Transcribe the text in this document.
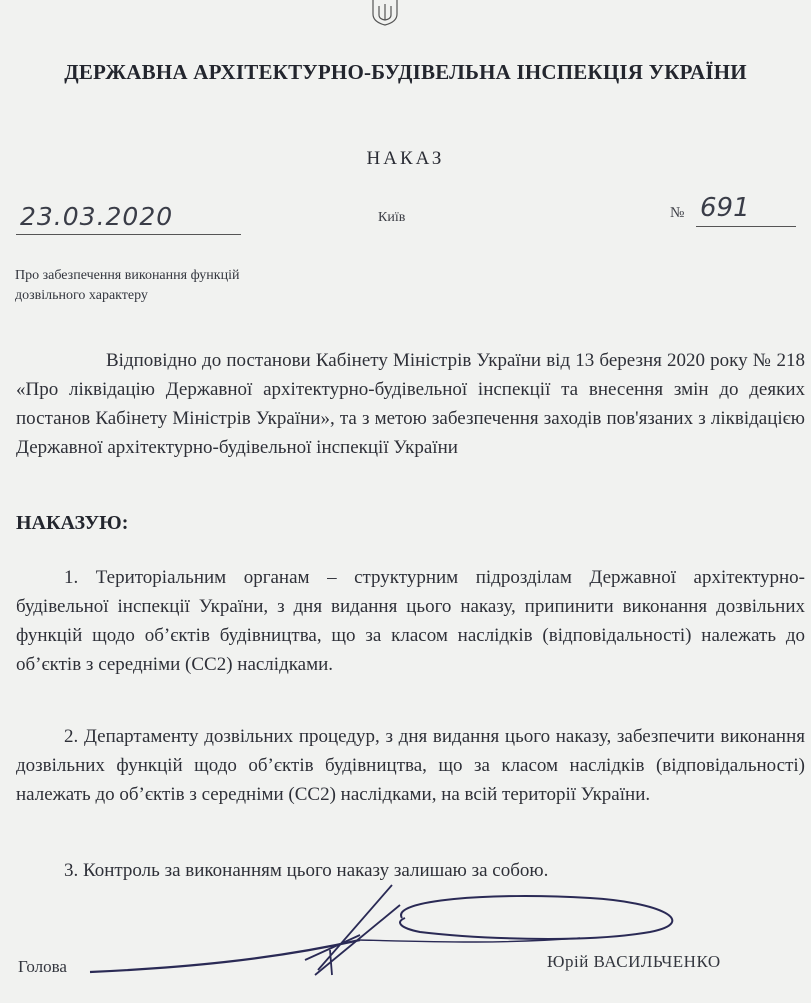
ДЕРЖАВНА АРХІТЕКТУРНО-БУДІВЕЛЬНА ІНСПЕКЦІЯ УКРАЇНИ
НАКАЗ
23.03.2020	Київ	№ 691
Про забезпечення виконання функцій дозвільного характеру
Відповідно до постанови Кабінету Міністрів України від 13 березня 2020 року № 218 «Про ліквідацію Державної архітектурно-будівельної інспекції та внесення змін до деяких постанов Кабінету Міністрів України», та з метою забезпечення заходів пов'язаних з ліквідацією Державної архітектурно-будівельної інспекції України
НАКАЗУЮ:
1. Територіальним органам – структурним підрозділам Державної архітектурно-будівельної інспекції України, з дня видання цього наказу, припинити виконання дозвільних функцій щодо об’єктів будівництва, що за класом наслідків (відповідальності) належать до об’єктів з середніми (СС2) наслідками.
2. Департаменту дозвільних процедур, з дня видання цього наказу, забезпечити виконання дозвільних функцій щодо об’єктів будівництва, що за класом наслідків (відповідальності) належать до об’єктів з середніми (СС2) наслідками, на всій території України.
3. Контроль за виконанням цього наказу залишаю за собою.
Голова	Юрій ВАСИЛЬЧЕНКО
